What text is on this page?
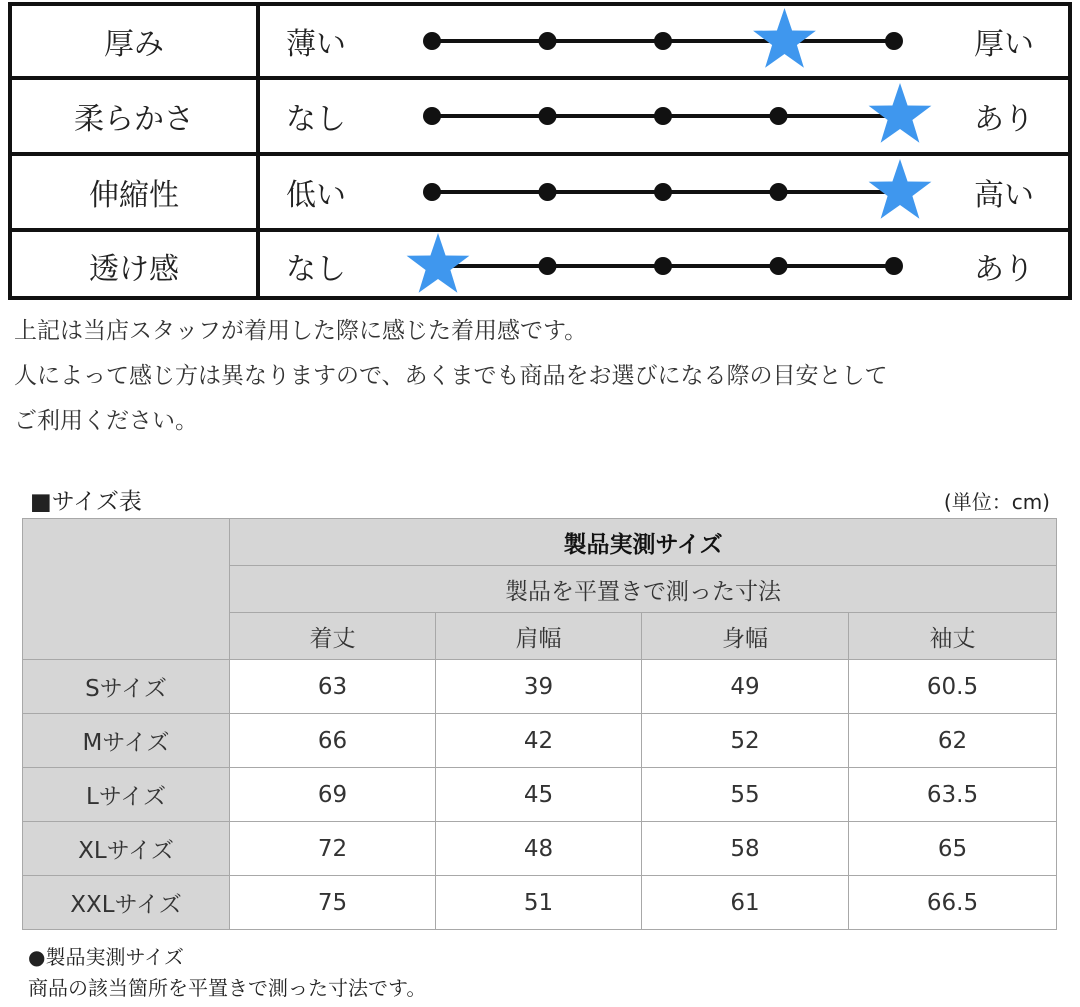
厚み	薄い	厚い
柔らかさ	なし	あり
伸縮性	低い	高い
透け感	なし	あり
上記は当店スタッフが着用した際に感じた着用感です。
人によって感じ方は異なりますので、あくまでも商品をお選びになる際の目安として
ご利用ください。
■サイズ表	(単位：cm)
	製品実測サイズ			
	製品を平置きで測った寸法			
	着丈	肩幅	身幅	袖丈
Sサイズ	63	39	49	60.5
Mサイズ	66	42	52	62
Lサイズ	69	45	55	63.5
XLサイズ	72	48	58	65
XXLサイズ	75	51	61	66.5
●製品実測サイズ
商品の該当箇所を平置きで測った寸法です。
